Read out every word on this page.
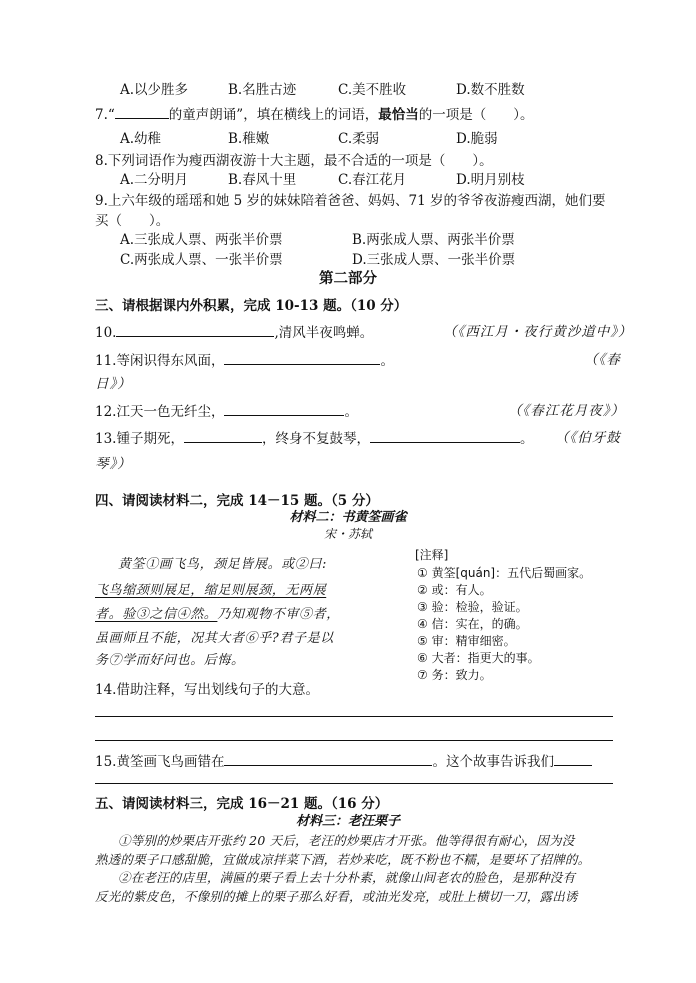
A.以少胜多	B.名胜古迹	C.美不胜收	D.数不胜数
7.“	的童声朗诵”，填在横线上的词语，最恰当的一项是（　　）。
A.幼稚	B.稚嫩	C.柔弱	D.脆弱
8.下列词语作为瘦西湖夜游十大主题，最不合适的一项是（　　）。
A.二分明月	B.春风十里	C.春江花月	D.明月别枝
9.上六年级的瑶瑶和她 5 岁的妹妹陪着爸爸、妈妈、71 岁的爷爷夜游瘦西湖，她们要
买（　　）。
A.三张成人票、两张半价票	B.两张成人票、两张半价票
C.两张成人票、一张半价票	D.三张成人票、一张半价票
第二部分
三、请根据课内外积累，完成 10-13 题。（10 分）
10.	,清风半夜鸣蝉。	（《西江月・夜行黄沙道中》）
11.等闲识得东风面，	。	（《春
日》）
12.江天一色无纤尘，	。	（《春江花月夜》）
13.锺子期死，	，终身不复鼓琴，	。 （《伯牙鼓
琴》）
四、请阅读材料二，完成 14－15 题。（5 分）
材料二：书黄筌画雀
宋・苏轼
黄筌①画飞鸟，颈足皆展。或②曰:
飞鸟缩颈则展足，缩足则展颈，无两展
者。验③之信④然。乃知观物不审⑤者，
虽画师且不能，况其大者⑥乎?君子是以
务⑦学而好问也。后悔。
[注释]
① 黄筌[quán]：五代后蜀画家。
② 或：有人。
③ 验：检验，验证。
④ 信：实在，的确。
⑤ 审：精审细密。
⑥ 大者：指更大的事。
⑦ 务：致力。
14.借助注释，写出划线句子的大意。
15.黄筌画飞鸟画错在	。这个故事告诉我们
五、请阅读材料三，完成 16－21 题。（16 分）
材料三：老汪栗子
①等别的炒栗店开张约 20 天后，老汪的炒栗店才开张。他等得很有耐心，因为没
熟透的栗子口感甜脆，宜做成凉拌菜下酒，若炒来吃，既不粉也不糯，是要坏了招牌的。
②在老汪的店里，满匾的栗子看上去十分朴素，就像山间老农的脸色，是那种没有
反光的紫皮色，不像别的摊上的栗子那么好看，或油光发亮，或肚上横切一刀，露出诱
